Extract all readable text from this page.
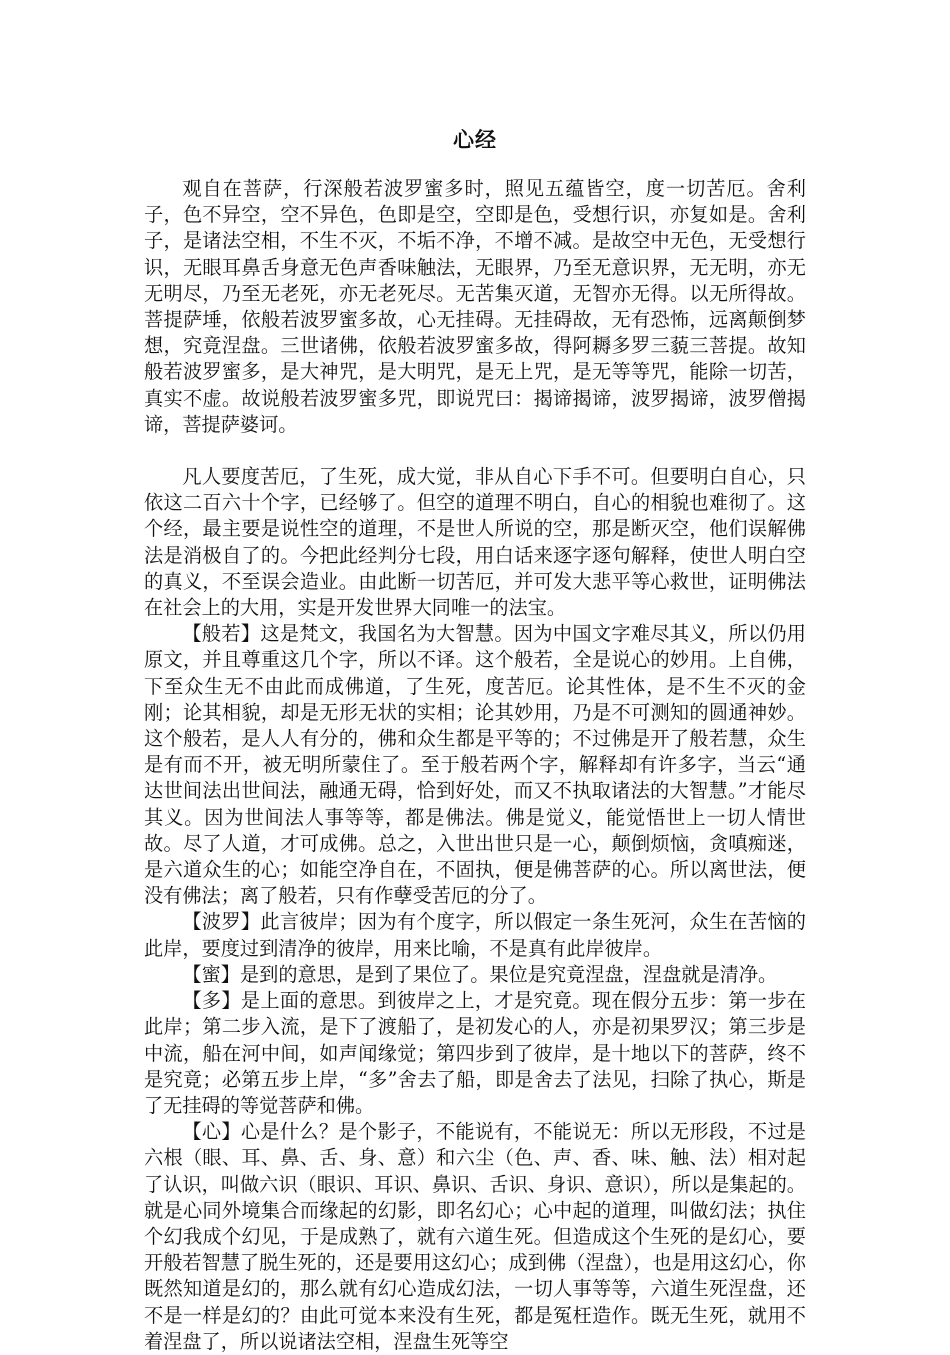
心经

观自在菩萨，行深般若波罗蜜多时，照见五蕴皆空，度一切苦厄。舍利子，色不异空，空不异色，色即是空，空即是色，受想行识，亦复如是。舍利子，是诸法空相，不生不灭，不垢不净，不增不减。是故空中无色，无受想行识，无眼耳鼻舌身意无色声香味触法，无眼界，乃至无意识界，无无明，亦无无明尽，乃至无老死，亦无老死尽。无苦集灭道，无智亦无得。以无所得故。菩提萨埵，依般若波罗蜜多故，心无挂碍。无挂碍故，无有恐怖，远离颠倒梦想，究竟涅盘。三世诸佛，依般若波罗蜜多故，得阿耨多罗三藐三菩提。故知般若波罗蜜多，是大神咒，是大明咒，是无上咒，是无等等咒，能除一切苦，真实不虚。故说般若波罗蜜多咒，即说咒曰：揭谛揭谛，波罗揭谛，波罗僧揭谛，菩提萨婆诃。

凡人要度苦厄，了生死，成大觉，非从自心下手不可。但要明白自心，只依这二百六十个字，已经够了。但空的道理不明白，自心的相貌也难彻了。这个经，最主要是说性空的道理，不是世人所说的空，那是断灭空，他们误解佛法是消极自了的。今把此经判分七段，用白话来逐字逐句解释，使世人明白空的真义，不至误会造业。由此断一切苦厄，并可发大悲平等心救世，证明佛法在社会上的大用，实是开发世界大同唯一的法宝。

【般若】这是梵文，我国名为大智慧。因为中国文字难尽其义，所以仍用原文，并且尊重这几个字，所以不译。这个般若，全是说心的妙用。上自佛，下至众生无不由此而成佛道，了生死，度苦厄。论其性体，是不生不灭的金刚；论其相貌，却是无形无状的实相；论其妙用，乃是不可测知的圆通神妙。这个般若，是人人有分的，佛和众生都是平等的；不过佛是开了般若慧，众生是有而不开，被无明所蒙住了。至于般若两个字，解释却有许多字，当云“通达世间法出世间法，融通无碍，恰到好处，而又不执取诸法的大智慧。”才能尽其义。因为世间法人事等等，都是佛法。佛是觉义，能觉悟世上一切人情世故。尽了人道，才可成佛。总之，入世出世只是一心，颠倒烦恼，贪嗔痴迷，是六道众生的心；如能空净自在，不固执，便是佛菩萨的心。所以离世法，便没有佛法；离了般若，只有作孽受苦厄的分了。

【波罗】此言彼岸；因为有个度字，所以假定一条生死河，众生在苦恼的此岸，要度过到清净的彼岸，用来比喻，不是真有此岸彼岸。

【蜜】是到的意思，是到了果位了。果位是究竟涅盘，涅盘就是清净。

【多】是上面的意思。到彼岸之上，才是究竟。现在假分五步：第一步在此岸；第二步入流，是下了渡船了，是初发心的人，亦是初果罗汉；第三步是中流，船在河中间，如声闻缘觉；第四步到了彼岸，是十地以下的菩萨，终不是究竟；必第五步上岸，“多”舍去了船，即是舍去了法见，扫除了执心，斯是了无挂碍的等觉菩萨和佛。

【心】心是什么？是个影子，不能说有，不能说无：所以无形段，不过是六根（眼、耳、鼻、舌、身、意）和六尘（色、声、香、味、触、法）相对起了认识，叫做六识（眼识、耳识、鼻识、舌识、身识、意识），所以是集起的。就是心同外境集合而缘起的幻影，即名幻心；心中起的道理，叫做幻法；执住个幻我成个幻见，于是成熟了，就有六道生死。但造成这个生死的是幻心，要开般若智慧了脱生死的，还是要用这幻心；成到佛（涅盘），也是用这幻心，你既然知道是幻的，那么就有幻心造成幻法，一切人事等等，六道生死涅盘，还不是一样是幻的？由此可觉本来没有生死，都是冤枉造作。既无生死，就用不着涅盘了，所以说诸法空相，涅盘生死等空
